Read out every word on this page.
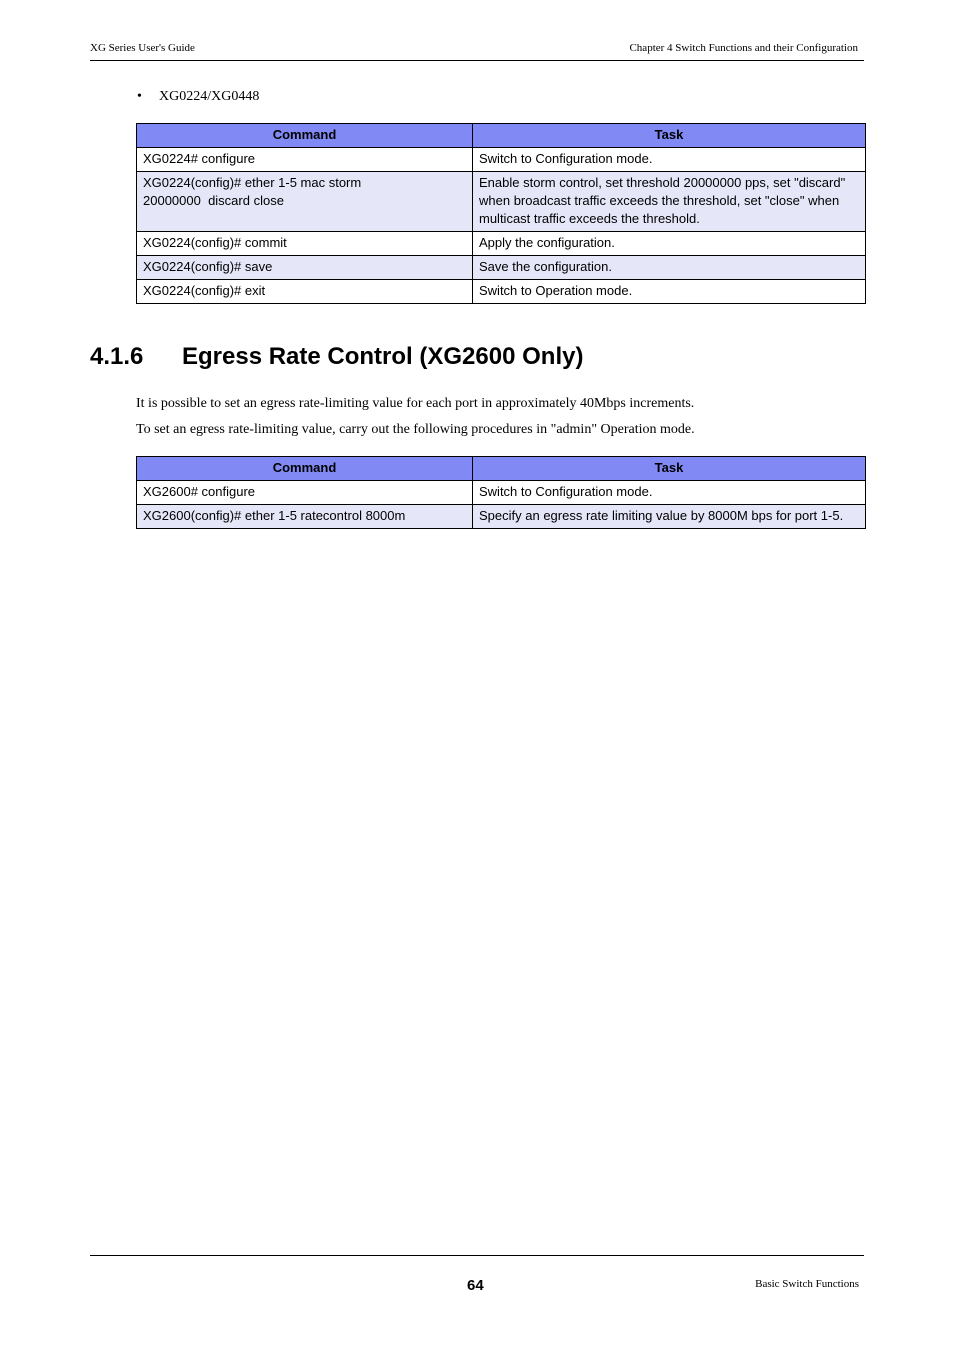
XG Series User's Guide	Chapter 4 Switch Functions and their Configuration
• XG0224/XG0448
Command	Task
XG0224# configure	Switch to Configuration mode.
XG0224(config)# ether 1-5 mac storm 20000000  discard close	Enable storm control, set threshold 20000000 pps, set "discard" when broadcast traffic exceeds the threshold, set "close" when multicast traffic exceeds the threshold.
XG0224(config)# commit	Apply the configuration.
XG0224(config)# save	Save the configuration.
XG0224(config)# exit	Switch to Operation mode.
4.1.6 Egress Rate Control (XG2600 Only)
It is possible to set an egress rate-limiting value for each port in approximately 40Mbps increments.
To set an egress rate-limiting value, carry out the following procedures in "admin" Operation mode.
Command	Task
XG2600# configure	Switch to Configuration mode.
XG2600(config)# ether 1-5 ratecontrol 8000m	Specify an egress rate limiting value by 8000M bps for port 1-5.
64	Basic Switch Functions
